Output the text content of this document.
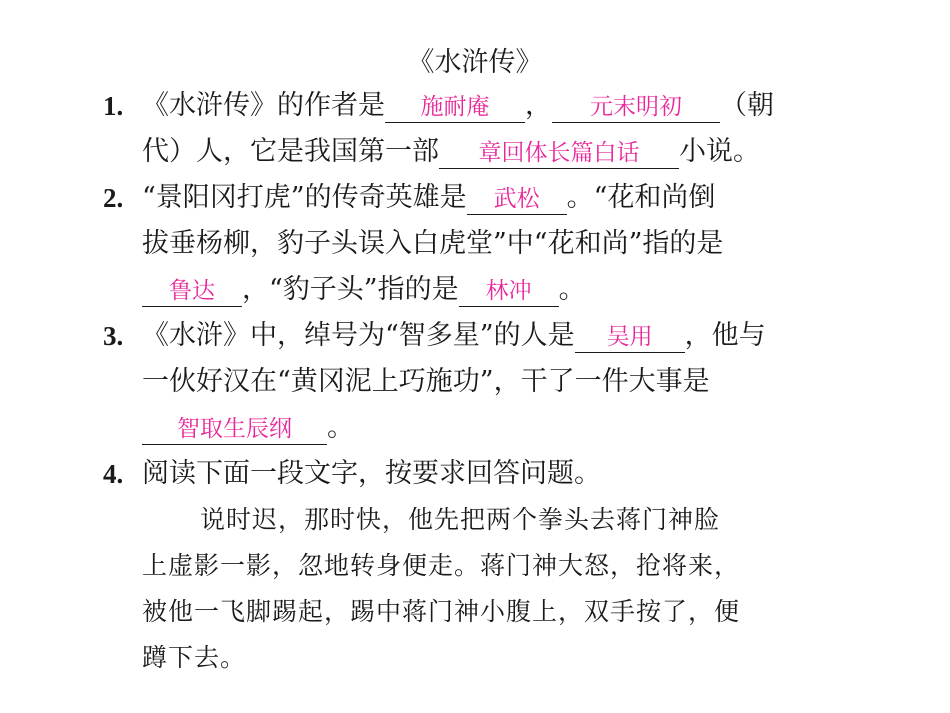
《水浒传》
1. 《水浒传》的作者是 施耐庵 ， 元末明初 （朝
代）人，它是我国第一部 章回体长篇白话 小说。
2. “景阳冈打虎”的传奇英雄是 武松 。“花和尚倒
拔垂杨柳，豹子头误入白虎堂”中“花和尚”指的是
鲁达 ，“豹子头”指的是 林冲 。
3. 《水浒》中，绰号为“智多星”的人是 吴用 ，他与
一伙好汉在“黄冈泥上巧施功”，干了一件大事是
智取生辰纲 。
4. 阅读下面一段文字，按要求回答问题。
说时迟，那时快，他先把两个拳头去蒋门神脸
上虚影一影，忽地转身便走。蒋门神大怒，抢将来，
被他一飞脚踢起，踢中蒋门神小腹上，双手按了，便
蹲下去。
